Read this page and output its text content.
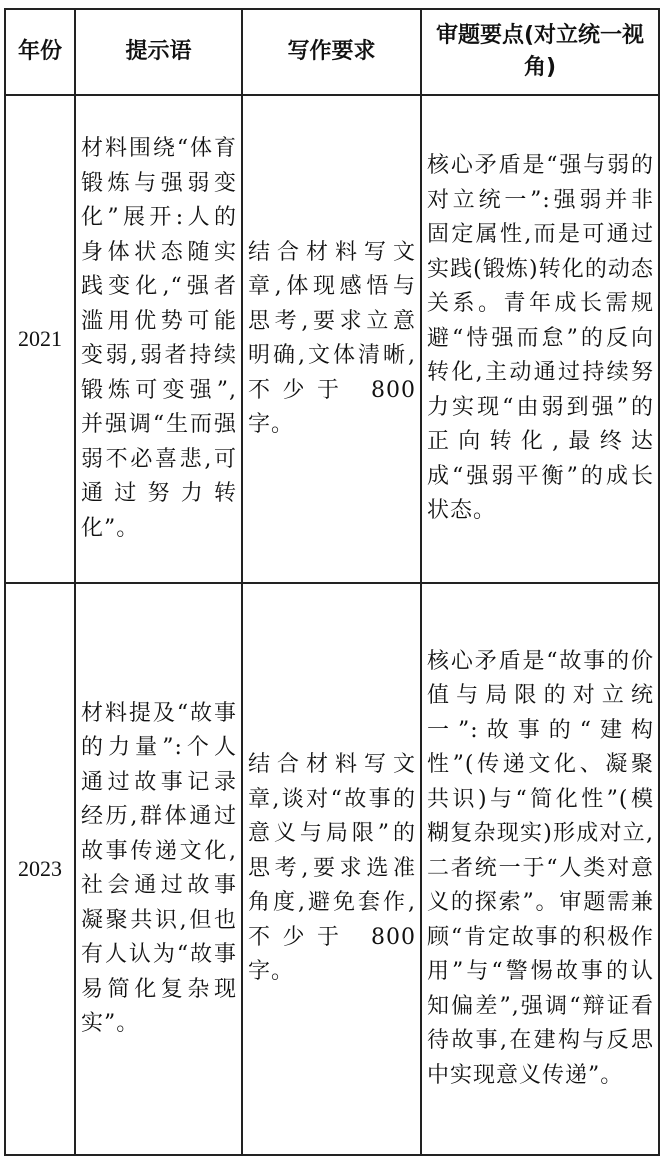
年份	提示语	写作要求	审题要点(对立统一视角)
2021	材料围绕“体育锻炼与强弱变化”展开:人的身体状态随实践变化,“强者滥用优势可能变弱,弱者持续锻炼可变强”,并强调“生而强弱不必喜悲,可通过努力转化”。	结合材料写文章,体现感悟与思考,要求立意明确,文体清晰,不少于 800 字。	核心矛盾是“强与弱的对立统一”:强弱并非固定属性,而是可通过 实践(锻炼)转化的动态关系。青年成长需规避“恃强而怠”的反向转化,主动通过持续努力实现“由弱到强”的正向转化,最终达成“强弱平衡”的成长状态。
2023	材料提及“故事的力量”:个人通过故事记录经历,群体通过故事传递文化,社会通过故事凝聚共识,但也有人认为“故事易简化复杂现实”。	结合材料写文章,谈对“故事的意义与局限”的思考,要求选准角度,避免套作,不少于 800 字。	核心矛盾是“故事的价值与局限的对立统一”:故事的“建构性”(传递文化、凝聚共识)与“简化性”(模糊复杂现实)形成对立,二者统一于“人类对意义的探索”。审题需兼顾“肯定故事的积极作用”与“警惕故事的认知偏差”,强调“辩证看待故事,在建构与反思中实现意义传递”。
